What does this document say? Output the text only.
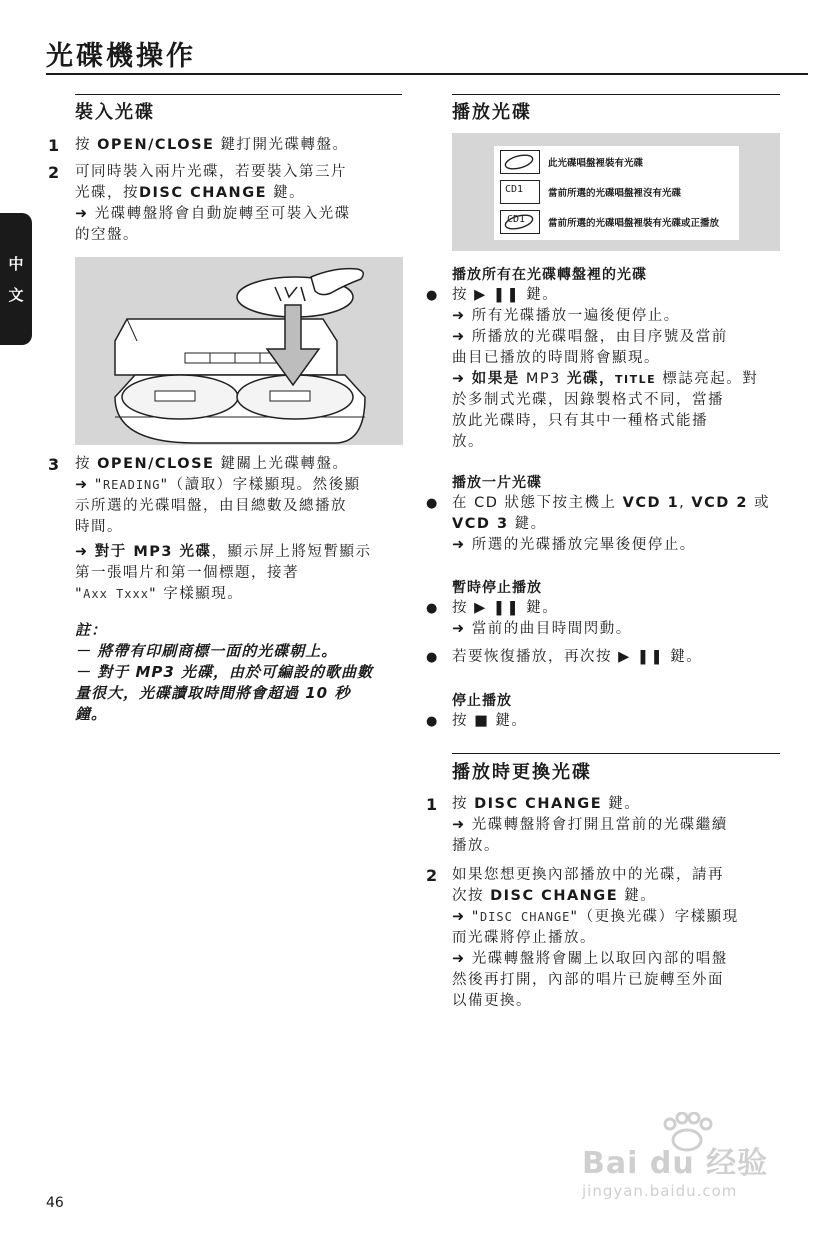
光碟機操作
中
文
裝入光碟
1 按 OPEN/CLOSE 鍵打開光碟轉盤。
2 可同時裝入兩片光碟，若要裝入第三片
光碟，按DISC CHANGE 鍵。
➜ 光碟轉盤將會自動旋轉至可裝入光碟
的空盤。
3 按 OPEN/CLOSE 鍵關上光碟轉盤。
➜ "READING"（讀取）字樣顯現。然後顯
示所選的光碟唱盤，由目總數及總播放
時間。
➜ 對于 MP3 光碟，顯示屏上將短暫顯示
第一張唱片和第一個標題，接著
"Axx Txxx" 字樣顯現。
註：
－ 將帶有印刷商標一面的光碟朝上。
－ 對于 MP3 光碟，由於可編設的歌曲數
量很大，光碟讀取時間將會超過 10 秒
鐘。
播放光碟
此光碟唱盤裡裝有光碟
CD1	當前所選的光碟唱盤裡沒有光碟
CD1 當前所選的光碟唱盤裡裝有光碟或正播放
播放所有在光碟轉盤裡的光碟
● 按 ▶ ❚❚ 鍵。
➜ 所有光碟播放一遍後便停止。
➜ 所播放的光碟唱盤，由目序號及當前
曲目已播放的時間將會顯現。
➜ 如果是 MP3 光碟，TITLE 標誌亮起。對
於多制式光碟，因錄製格式不同，當播
放此光碟時，只有其中一種格式能播
放。
播放一片光碟
● 在 CD 狀態下按主機上 VCD 1, VCD 2 或
VCD 3 鍵。
➜ 所選的光碟播放完畢後便停止。
暫時停止播放
● 按 ▶ ❚❚ 鍵。
➜ 當前的曲目時間閃動。
● 若要恢復播放，再次按 ▶ ❚❚ 鍵。
停止播放
● 按 ■ 鍵。
播放時更換光碟
1 按 DISC CHANGE 鍵。
➜ 光碟轉盤將會打開且當前的光碟繼續
播放。
2 如果您想更換內部播放中的光碟，請再
次按 DISC CHANGE 鍵。
➜ "DISC CHANGE"（更換光碟）字樣顯現
而光碟將停止播放。
➜ 光碟轉盤將會關上以取回內部的唱盤
然後再打開，內部的唱片已旋轉至外面
以備更換。
46
Bai du 经验
jingyan.baidu.com
